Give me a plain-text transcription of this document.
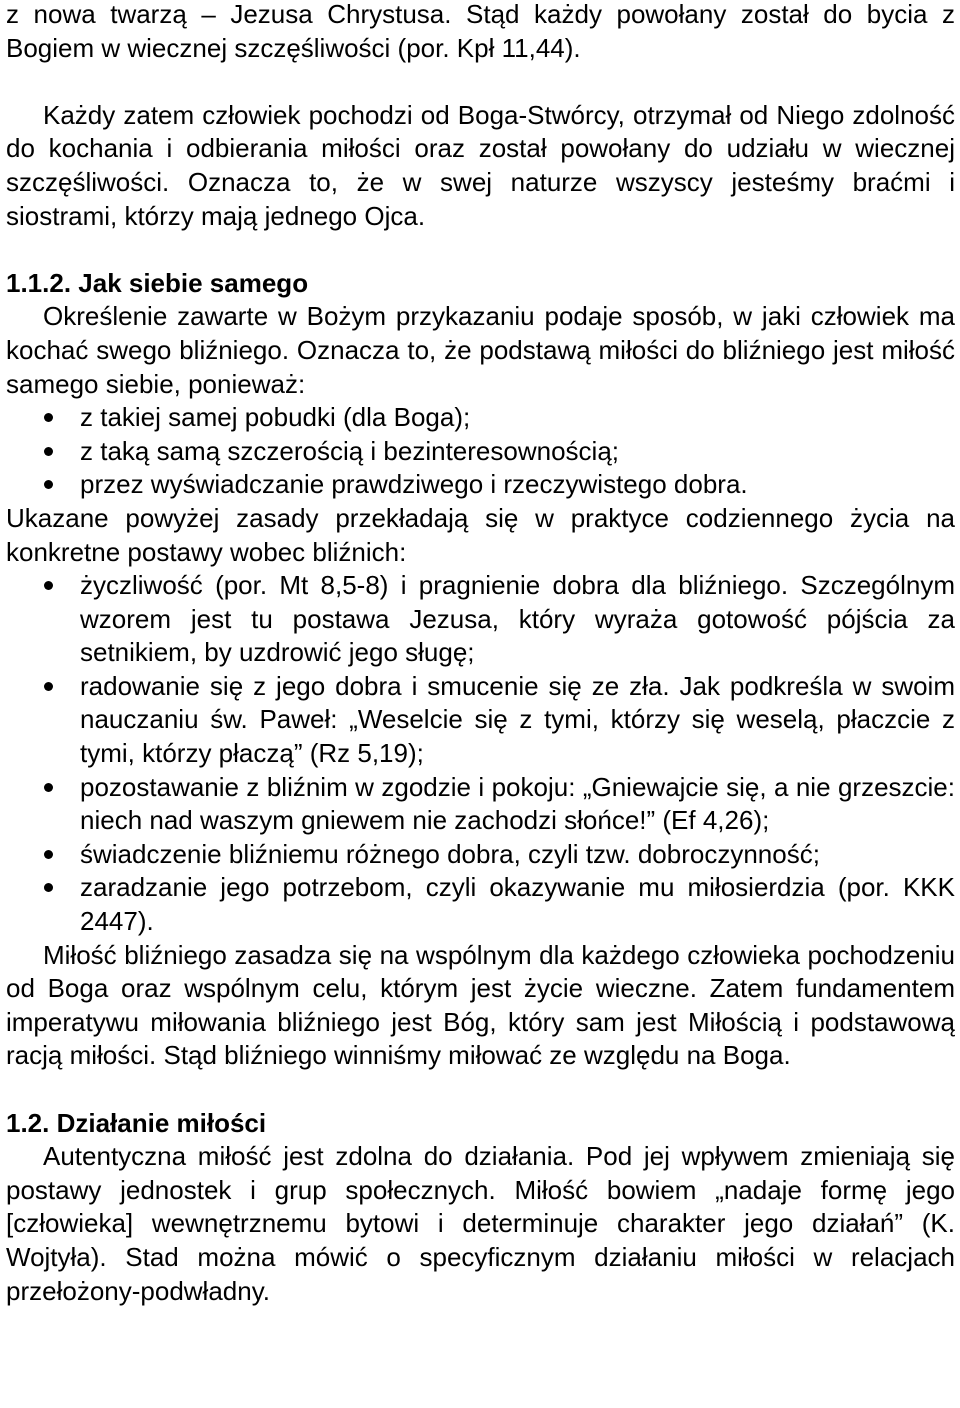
z nowa twarzą – Jezusa Chrystusa. Stąd każdy powołany został do bycia z Bogiem w wiecznej szczęśliwości (por. Kpł 11,44).

Każdy zatem człowiek pochodzi od Boga-Stwórcy, otrzymał od Niego zdolność do kochania i odbierania miłości oraz został powołany do udziału w wiecznej szczęśliwości. Oznacza to, że w swej naturze wszyscy jesteśmy braćmi i siostrami, którzy mają jednego Ojca.

1.1.2. Jak siebie samego

Określenie zawarte w Bożym przykazaniu podaje sposób, w jaki człowiek ma kochać swego bliźniego. Oznacza to, że podstawą miłości do bliźniego jest miłość samego siebie, ponieważ:

z takiej samej pobudki (dla Boga);
z taką samą szczerością i bezinteresownością;
przez wyświadczanie prawdziwego i rzeczywistego dobra.

Ukazane powyżej zasady przekładają się w praktyce codziennego życia na konkretne postawy wobec bliźnich:

życzliwość (por. Mt 8,5-8) i pragnienie dobra dla bliźniego. Szczególnym wzorem jest tu postawa Jezusa, który wyraża gotowość pójścia za setnikiem, by uzdrowić jego sługę;
radowanie się z jego dobra i smucenie się ze zła. Jak podkreśla w swoim nauczaniu św. Paweł: „Weselcie się z tymi, którzy się weselą, płaczcie z tymi, którzy płaczą” (Rz 5,19);
pozostawanie z bliźnim w zgodzie i pokoju: „Gniewajcie się, a nie grzeszcie: niech nad waszym gniewem nie zachodzi słońce!” (Ef 4,26);
świadczenie bliźniemu różnego dobra, czyli tzw. dobroczynność;
zaradzanie jego potrzebom, czyli okazywanie mu miłosierdzia (por. KKK 2447).

Miłość bliźniego zasadza się na wspólnym dla każdego człowieka pochodzeniu od Boga oraz wspólnym celu, którym jest życie wieczne. Zatem fundamentem imperatywu miłowania bliźniego jest Bóg, który sam jest Miłością i podstawową racją miłości. Stąd bliźniego winniśmy miłować ze względu na Boga.

1.2. Działanie miłości

Autentyczna miłość jest zdolna do działania. Pod jej wpływem zmieniają się postawy jednostek i grup społecznych. Miłość bowiem „nadaje formę jego [człowieka] wewnętrznemu bytowi i determinuje charakter jego działań” (K. Wojtyła). Stad można mówić o specyficznym działaniu miłości w relacjach przełożony-podwładny.
